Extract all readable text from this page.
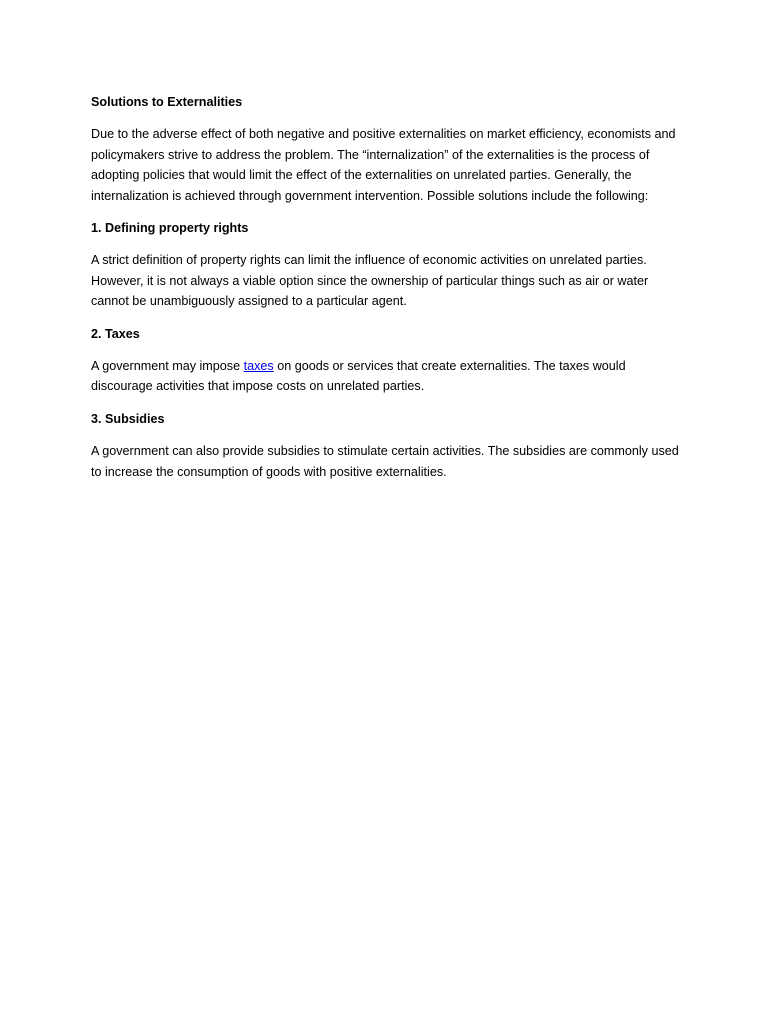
Solutions to Externalities

Due to the adverse effect of both negative and positive externalities on market efficiency, economists and policymakers strive to address the problem. The “internalization” of the externalities is the process of adopting policies that would limit the effect of the externalities on unrelated parties. Generally, the internalization is achieved through government intervention. Possible solutions include the following:

1. Defining property rights

A strict definition of property rights can limit the influence of economic activities on unrelated parties. However, it is not always a viable option since the ownership of particular things such as air or water cannot be unambiguously assigned to a particular agent.

2. Taxes

A government may impose taxes on goods or services that create externalities. The taxes would discourage activities that impose costs on unrelated parties.

3. Subsidies

A government can also provide subsidies to stimulate certain activities. The subsidies are commonly used to increase the consumption of goods with positive externalities.
